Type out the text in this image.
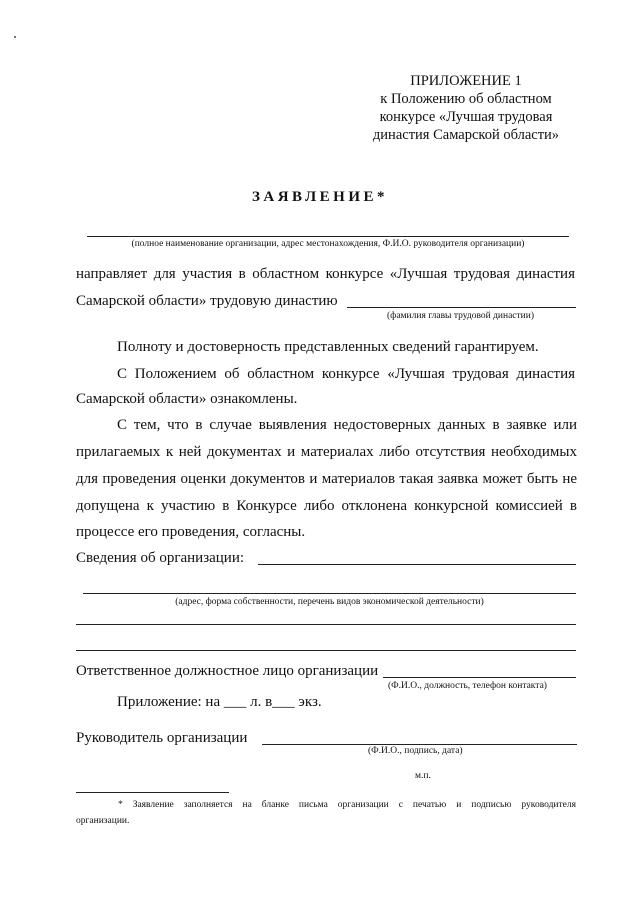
ПРИЛОЖЕНИЕ 1
к Положению об областном
конкурсе «Лучшая трудовая
династия Самарской области»
ЗАЯВЛЕНИЕ*
(полное наименование организации, адрес местонахождения, Ф.И.О. руководителя организации)
направляет для участия в областном конкурсе «Лучшая трудовая династия
Самарской области» трудовую династию
(фамилия главы трудовой династии)
Полноту и достоверность представленных сведений гарантируем.
С Положением об областном конкурсе «Лучшая трудовая династия
Самарской области» ознакомлены.
С тем, что в случае выявления недостоверных данных в заявке или
прилагаемых к ней документах и материалах либо отсутствия необходимых
для проведения оценки документов и материалов такая заявка может быть не
допущена к участию в Конкурсе либо отклонена конкурсной комиссией в
процессе его проведения, согласны.
Сведения об организации:
(адрес, форма собственности, перечень видов экономической деятельности)
Ответственное должностное лицо организации
(Ф.И.О., должность, телефон контакта)
Приложение: на ___ л. в___ экз.
Руководитель организации
(Ф.И.О., подпись, дата)
м.п.
* Заявление заполняется на бланке письма организации с печатью и подписью руководителя
организации.
